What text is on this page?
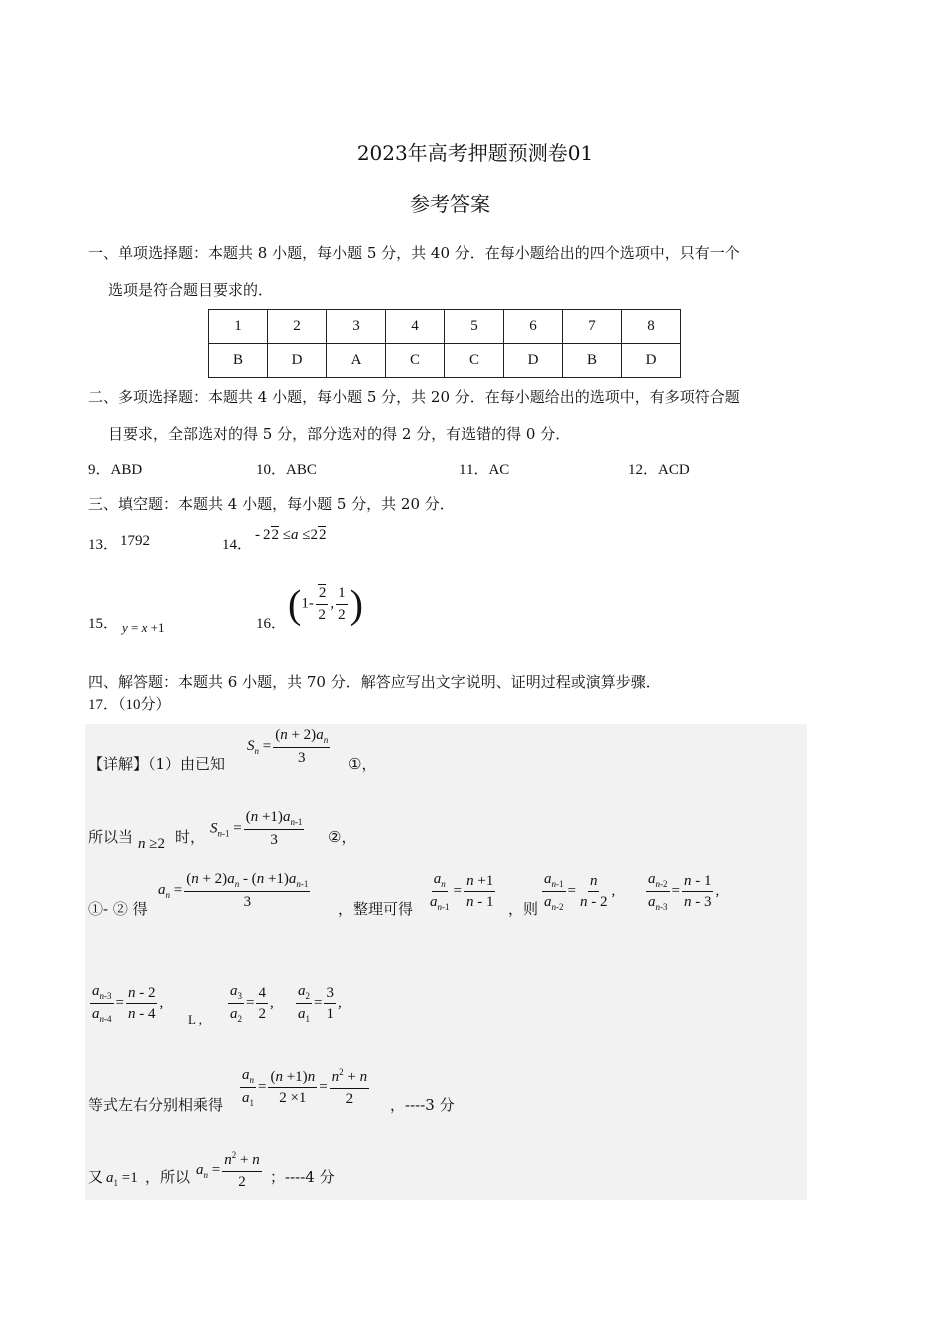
2023年高考押题预测卷01
参考答案
一、单项选择题：本题共 8 小题，每小题 5 分，共 40 分．在每小题给出的四个选项中，只有一个
选项是符合题目要求的．
1	2	3	4	5	6	7	8
B	D	A	C	C	D	B	D
二、多项选择题：本题共 4 小题，每小题 5 分，共 20 分．在每小题给出的选项中，有多项符合题
目要求，全部选对的得 5 分，部分选对的得 2 分，有选错的得 0 分．
9．ABD	10．ABC	11．AC	12．ACD
三、填空题：本题共 4 小题，每小题 5 分，共 20 分．
13． 1792	14．
- 22 ≤a ≤22
15． y = x +1	16． ($1- \frac{2}{2}$ , $\frac{1}{2}$ )
四、解答题：本题共 6 小题，共 70 分．解答应写出文字说明、证明过程或演算步骤．
17．（10分）
【详解】（1）由已知
$S_n = \frac{(n + 2)a_n}{3}$ ①，
所以当 n ≥2 时， $S_{n-1} = \frac{(n +1)a_{n-1}}{3}$ ②，
①- ② 得
$a_n = \frac{(n + 2)a_n - (n +1)a_{n-1}}{3}$ ，整理可得 $\frac{a_n}{a_{n-1}} = \frac{n +1}{n - 1}$ ，则 $\frac{a_{n-1}}{a_{n-2}} = \frac{n}{n - 2}$ , $\frac{a_{n-2}}{a_{n-3}} = \frac{n - 1}{n - 3}$ ,
$\frac{a_{n-3}}{a_{n-4}} = \frac{n - 2}{n - 4}$ ,
L , $\frac{a_3}{a_2} = \frac{4}{2}$ , $\frac{a_2}{a_1} = \frac{3}{1}$ ,
等式左右分别相乘得 $\frac{a_n}{a_1} = \frac{(n +1)n}{2 \times 1} = \frac{n^2 + n}{2}$ ，----3 分
又 $a_1 =1$ ，所以 $a_n = \frac{n^2 + n}{2}$ ；----4 分
